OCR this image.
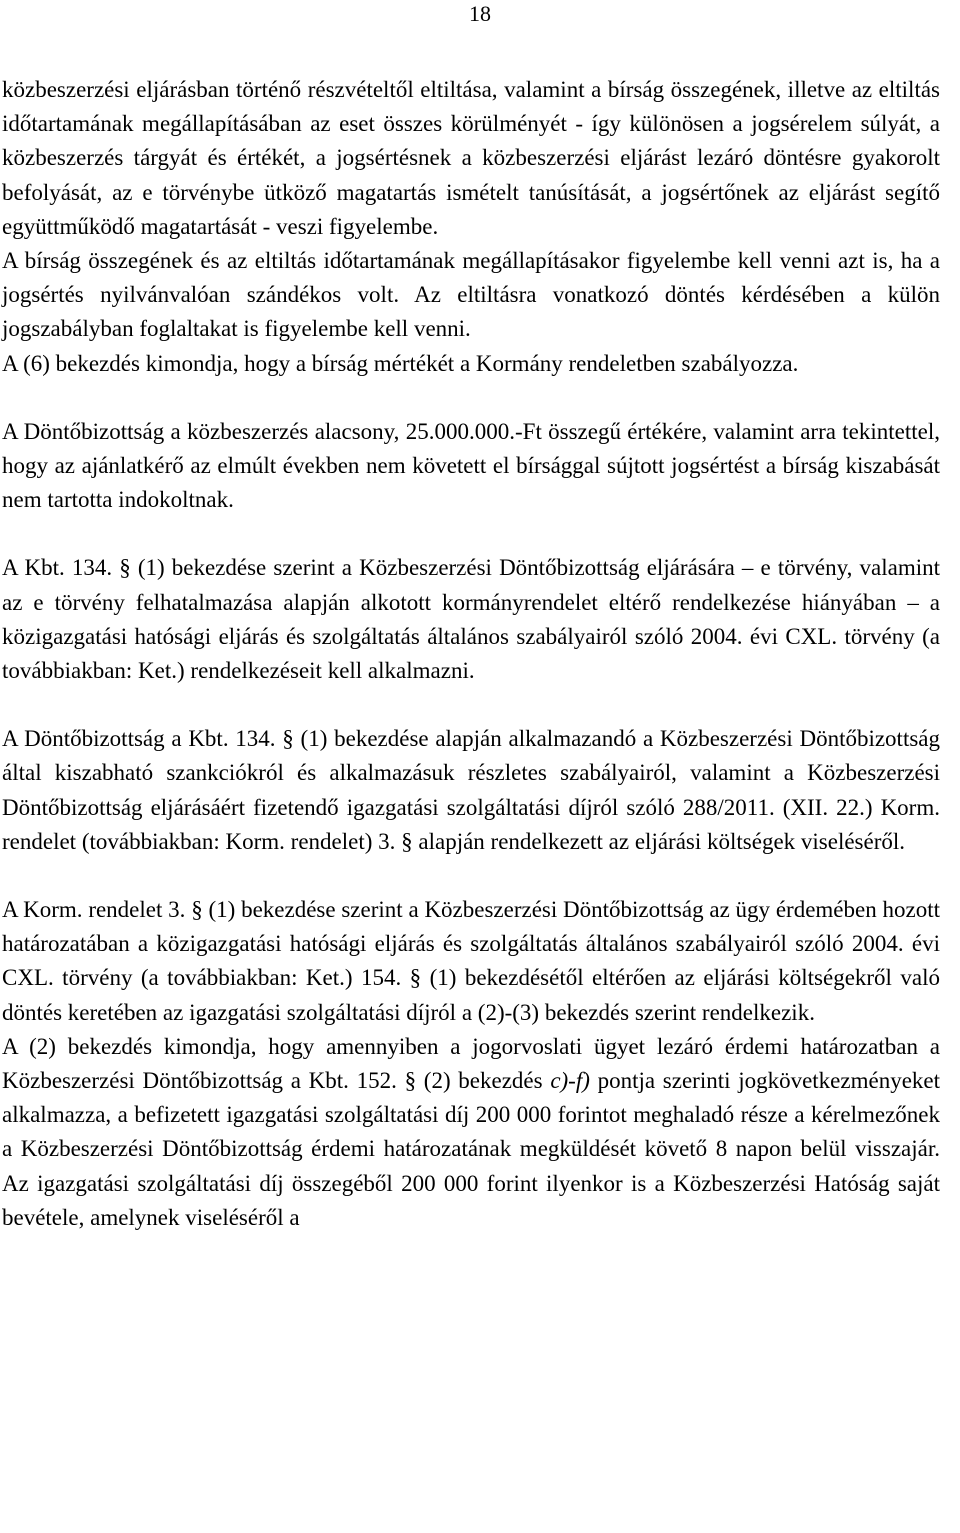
18

közbeszerzési eljárásban történő részvételtől eltiltása, valamint a bírság összegének, illetve az eltiltás időtartamának megállapításában az eset összes körülményét - így különösen a jogsérelem súlyát, a közbeszerzés tárgyát és értékét, a jogsértésnek a közbeszerzési eljárást lezáró döntésre gyakorolt befolyását, az e törvénybe ütköző magatartás ismételt tanúsítását, a jogsértőnek az eljárást segítő együttműködő magatartását - veszi figyelembe.

A bírság összegének és az eltiltás időtartamának megállapításakor figyelembe kell venni azt is, ha a jogsértés nyilvánvalóan szándékos volt. Az eltiltásra vonatkozó döntés kérdésében a külön jogszabályban foglaltakat is figyelembe kell venni.

A (6) bekezdés kimondja, hogy a bírság mértékét a Kormány rendeletben szabályozza.

A Döntőbizottság a közbeszerzés alacsony, 25.000.000.-Ft összegű értékére, valamint arra tekintettel, hogy az ajánlatkérő az elmúlt években nem követett el bírsággal sújtott jogsértést a bírság kiszabását nem tartotta indokoltnak.

A Kbt. 134. § (1) bekezdése szerint a Közbeszerzési Döntőbizottság eljárására – e törvény, valamint az e törvény felhatalmazása alapján alkotott kormányrendelet eltérő rendelkezése hiányában – a közigazgatási hatósági eljárás és szolgáltatás általános szabályairól szóló 2004. évi CXL. törvény (a továbbiakban: Ket.) rendelkezéseit kell alkalmazni.

A Döntőbizottság a Kbt. 134. § (1) bekezdése alapján alkalmazandó a Közbeszerzési Döntőbizottság által kiszabható szankciókról és alkalmazásuk részletes szabályairól, valamint a Közbeszerzési Döntőbizottság eljárásáért fizetendő igazgatási szolgáltatási díjról szóló 288/2011. (XII. 22.) Korm. rendelet (továbbiakban: Korm. rendelet) 3. § alapján rendelkezett az eljárási költségek viseléséről.

A Korm. rendelet 3. § (1) bekezdése szerint a Közbeszerzési Döntőbizottság az ügy érdemében hozott határozatában a közigazgatási hatósági eljárás és szolgáltatás általános szabályairól szóló 2004. évi CXL. törvény (a továbbiakban: Ket.) 154. § (1) bekezdésétől eltérően az eljárási költségekről való döntés keretében az igazgatási szolgáltatási díjról a (2)-(3) bekezdés szerint rendelkezik.

A (2) bekezdés kimondja, hogy amennyiben a jogorvoslati ügyet lezáró érdemi határozatban a Közbeszerzési Döntőbizottság a Kbt. 152. § (2) bekezdés c)-f) pontja szerinti jogkövetkezményeket alkalmazza, a befizetett igazgatási szolgáltatási díj 200 000 forintot meghaladó része a kérelmezőnek a Közbeszerzési Döntőbizottság érdemi határozatának megküldését követő 8 napon belül visszajár. Az igazgatási szolgáltatási díj összegéből 200 000 forint ilyenkor is a Közbeszerzési Hatóság saját bevétele, amelynek viseléséről a
